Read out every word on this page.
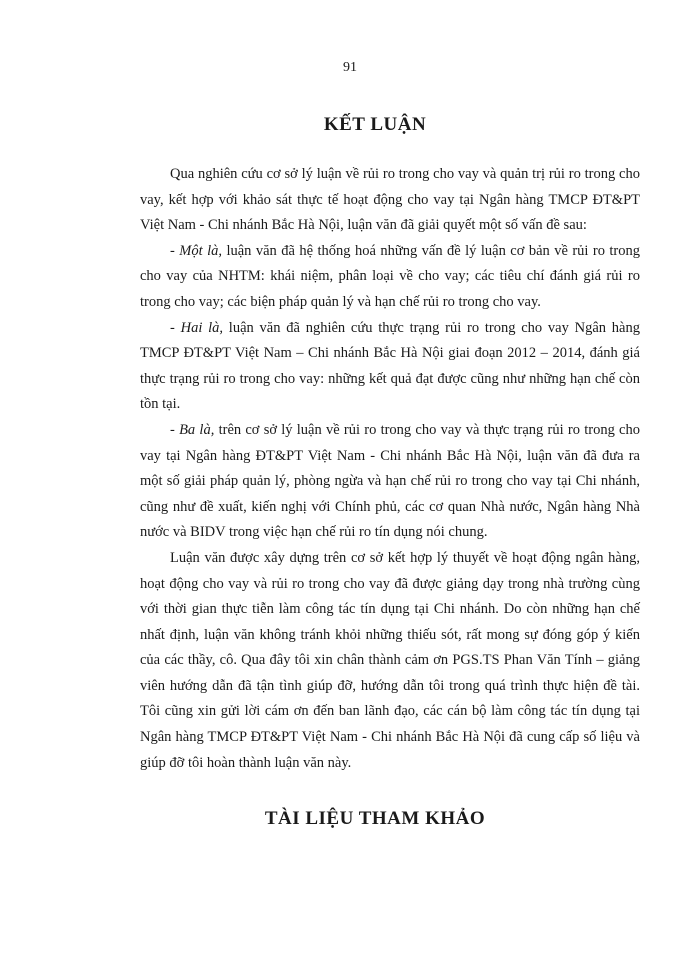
91
KẾT LUẬN

Qua nghiên cứu cơ sở lý luận về rủi ro trong cho vay và quản trị rủi ro trong cho vay, kết hợp với khảo sát thực tế hoạt động cho vay tại Ngân hàng TMCP ĐT&PT Việt Nam - Chi nhánh Bắc Hà Nội, luận văn đã giải quyết một số vấn đề sau:

- Một là, luận văn đã hệ thống hoá những vấn đề lý luận cơ bản về rủi ro trong cho vay của NHTM: khái niệm, phân loại về cho vay; các tiêu chí đánh giá rủi ro trong cho vay; các biện pháp quản lý và hạn chế rủi ro trong cho vay.

- Hai là, luận văn đã nghiên cứu thực trạng rủi ro trong cho vay Ngân hàng TMCP ĐT&PT Việt Nam – Chi nhánh Bắc Hà Nội giai đoạn 2012 – 2014, đánh giá thực trạng rủi ro trong cho vay: những kết quả đạt được cũng như những hạn chế còn tồn tại.

- Ba là, trên cơ sở lý luận về rủi ro trong cho vay và thực trạng rủi ro trong cho vay tại Ngân hàng ĐT&PT Việt Nam - Chi nhánh Bắc Hà Nội, luận văn đã đưa ra một số giải pháp quản lý, phòng ngừa và hạn chế rủi ro trong cho vay tại Chi nhánh, cũng như đề xuất, kiến nghị với Chính phủ, các cơ quan Nhà nước, Ngân hàng Nhà nước và BIDV trong việc hạn chế rủi ro tín dụng nói chung.

Luận văn được xây dựng trên cơ sở kết hợp lý thuyết về hoạt động ngân hàng, hoạt động cho vay và rủi ro trong cho vay đã được giảng dạy trong nhà trường cùng với thời gian thực tiễn làm công tác tín dụng tại Chi nhánh. Do còn những hạn chế nhất định, luận văn không tránh khỏi những thiếu sót, rất mong sự đóng góp ý kiến của các thầy, cô. Qua đây tôi xin chân thành cảm ơn PGS.TS Phan Văn Tính – giảng viên hướng dẫn đã tận tình giúp đỡ, hướng dẫn tôi trong quá trình thực hiện đề tài. Tôi cũng xin gửi lời cám ơn đến ban lãnh đạo, các cán bộ làm công tác tín dụng tại Ngân hàng TMCP ĐT&PT Việt Nam - Chi nhánh Bắc Hà Nội đã cung cấp số liệu và giúp đỡ tôi hoàn thành luận văn này.

TÀI LIỆU THAM KHẢO
